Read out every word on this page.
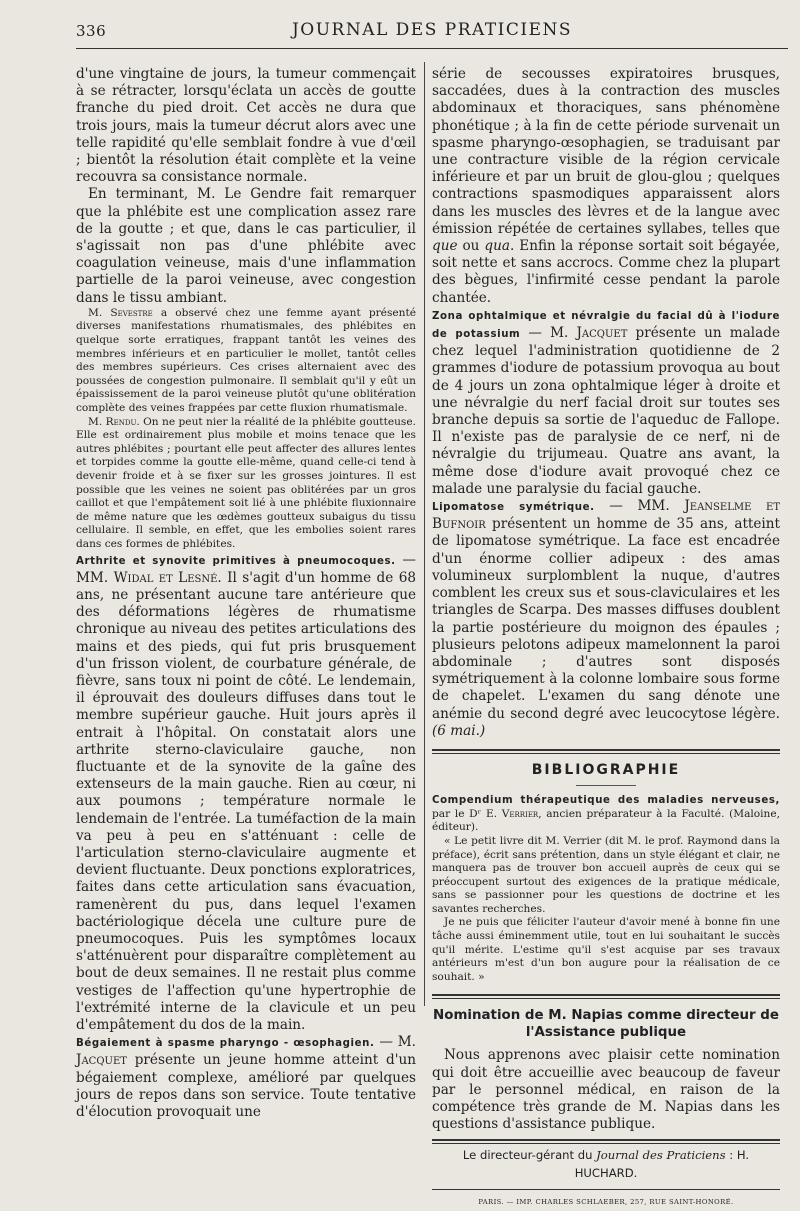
336	JOURNAL DES PRATICIENS

d'une vingtaine de jours, la tumeur commençait à se rétracter, lorsqu'éclata un accès de goutte franche du pied droit. Cet accès ne dura que trois jours, mais la tumeur décrut alors avec une telle rapidité qu'elle semblait fondre à vue d'œil ; bientôt la résolution était complète et la veine recouvra sa consistance normale.

En terminant, M. Le Gendre fait remarquer que la phlébite est une complication assez rare de la goutte ; et que, dans le cas particulier, il s'agissait non pas d'une phlébite avec coagulation veineuse, mais d'une inflammation partielle de la paroi veineuse, avec congestion dans le tissu ambiant.

M. Sevestre a observé chez une femme ayant présenté diverses manifestations rhumatismales, des phlébites en quelque sorte erratiques, frappant tantôt les veines des membres inférieurs et en particulier le mollet, tantôt celles des membres supérieurs. Ces crises alternaient avec des poussées de congestion pulmonaire. Il semblait qu'il y eût un épaississement de la paroi veineuse plutôt qu'une oblitération complète des veines frappées par cette fluxion rhumatismale.

M. Rendu. On ne peut nier la réalité de la phlébite goutteuse. Elle est ordinairement plus mobile et moins tenace que les autres phlébites ; pourtant elle peut affecter des allures lentes et torpides comme la goutte elle-même, quand celle-ci tend à devenir froide et à se fixer sur les grosses jointures. Il est possible que les veines ne soient pas oblitérées par un gros caillot et que l'empâtement soit lié à une phlébite fluxionnaire de même nature que les œdèmes goutteux subaigus du tissu cellulaire. Il semble, en effet, que les embolies soient rares dans ces formes de phlébites.

Arthrite et synovite primitives à pneumocoques. — MM. Widal et Lesné. Il s'agit d'un homme de 68 ans, ne présentant aucune tare antérieure que des déformations légères de rhumatisme chronique au niveau des petites articulations des mains et des pieds, qui fut pris brusquement d'un frisson violent, de courbature générale, de fièvre, sans toux ni point de côté. Le lendemain, il éprouvait des douleurs diffuses dans tout le membre supérieur gauche. Huit jours après il entrait à l'hôpital. On constatait alors une arthrite sterno-claviculaire gauche, non fluctuante et de la synovite de la gaîne des extenseurs de la main gauche. Rien au cœur, ni aux poumons ; température normale le lendemain de l'entrée. La tuméfaction de la main va peu à peu en s'atténuant : celle de l'articulation sterno-claviculaire augmente et devient fluctuante. Deux ponctions exploratrices, faites dans cette articulation sans évacuation, ramenèrent du pus, dans lequel l'examen bactériologique décela une culture pure de pneumocoques. Puis les symptômes locaux s'atténuèrent pour disparaître complètement au bout de deux semaines. Il ne restait plus comme vestiges de l'affection qu'une hypertrophie de l'extrémité interne de la clavicule et un peu d'empâtement du dos de la main.

Bégaiement à spasme pharyngo - œsophagien. — M. Jacquet présente un jeune homme atteint d'un bégaiement complexe, amélioré par quelques jours de repos dans son service. Toute tentative d'élocution provoquait une

série de secousses expiratoires brusques, saccadées, dues à la contraction des muscles abdominaux et thoraciques, sans phénomène phonétique ; à la fin de cette période survenait un spasme pharyngo-œsophagien, se traduisant par une contracture visible de la région cervicale inférieure et par un bruit de glou-glou ; quelques contractions spasmodiques apparaissent alors dans les muscles des lèvres et de la langue avec émission répétée de certaines syllabes, telles que que ou qua. Enfin la réponse sortait soit bégayée, soit nette et sans accrocs. Comme chez la plupart des bègues, l'infirmité cesse pendant la parole chantée.

Zona ophtalmique et névralgie du facial dû à l'iodure de potassium — M. Jacquet présente un malade chez lequel l'administration quotidienne de 2 grammes d'iodure de potassium provoqua au bout de 4 jours un zona ophtalmique léger à droite et une névralgie du nerf facial droit sur toutes ses branche depuis sa sortie de l'aqueduc de Fallope. Il n'existe pas de paralysie de ce nerf, ni de névralgie du trijumeau. Quatre ans avant, la même dose d'iodure avait provoqué chez ce malade une paralysie du facial gauche.

Lipomatose symétrique. — MM. Jeanselme et Bufnoir présentent un homme de 35 ans, atteint de lipomatose symétrique. La face est encadrée d'un énorme collier adipeux : des amas volumineux surplomblent la nuque, d'autres comblent les creux sus et sous-claviculaires et les triangles de Scarpa. Des masses diffuses doublent la partie postérieure du moignon des épaules ; plusieurs pelotons adipeux mamelonnent la paroi abdominale ; d'autres sont disposés symétriquement à la colonne lombaire sous forme de chapelet. L'examen du sang dénote une anémie du second degré avec leucocytose légère. (6 mai.)

BIBLIOGRAPHIE

Compendium thérapeutique des maladies nerveuses, par le Dʳ E. Verrier, ancien préparateur à la Faculté. (Maloine, éditeur).

« Le petit livre dit M. Verrier (dit M. le prof. Raymond dans la préface), écrit sans prétention, dans un style élégant et clair, ne manquera pas de trouver bon accueil auprès de ceux qui se préoccupent surtout des exigences de la pratique médicale, sans se passionner pour les questions de doctrine et les savantes recherches.

Je ne puis que féliciter l'auteur d'avoir mené à bonne fin une tâche aussi éminemment utile, tout en lui souhaitant le succès qu'il mérite. L'estime qu'il s'est acquise par ses travaux antérieurs m'est d'un bon augure pour la réalisation de ce souhait. »

Nomination de M. Napias comme directeur de l'Assistance publique

Nous apprenons avec plaisir cette nomination qui doit être accueillie avec beaucoup de faveur par le personnel médical, en raison de la compétence très grande de M. Napias dans les questions d'assistance publique.

Le directeur-gérant du Journal des Praticiens : H. HUCHARD.
PARIS. — IMP. CHARLES SCHLAEBER, 257, RUE SAINT-HONORÉ.
